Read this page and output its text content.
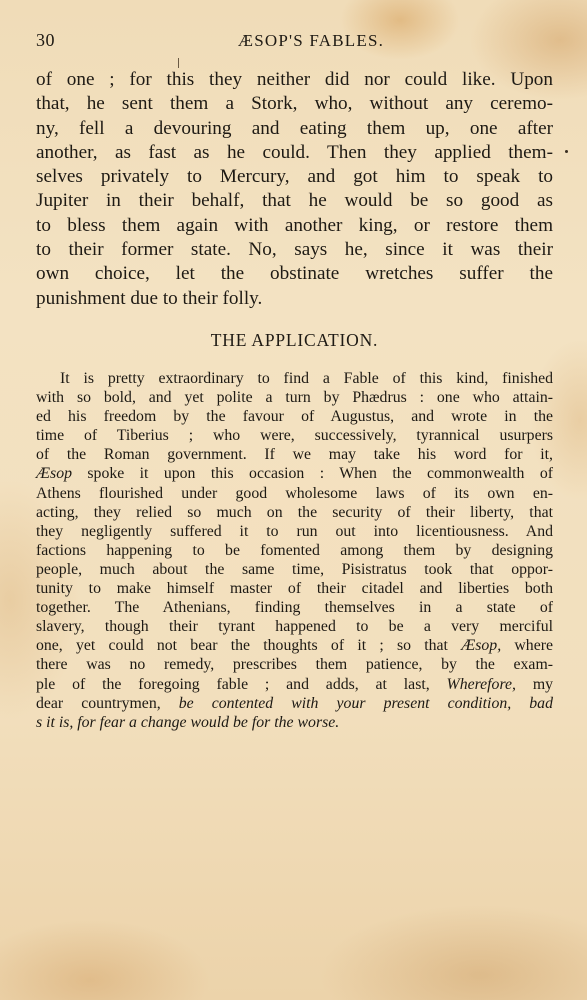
30	ÆSOP'S FABLES.
of one ; for this they neither did nor could like. Upon
that, he sent them a Stork, who, without any ceremo-
ny, fell a devouring and eating them up, one after
another, as fast as he could. Then they applied them-
selves privately to Mercury, and got him to speak to
Jupiter in their behalf, that he would be so good as
to bless them again with another king, or restore them
to their former state. No, says he, since it was their
own choice, let the obstinate wretches suffer the
punishment due to their folly.
THE APPLICATION.
It is pretty extraordinary to find a Fable of this kind, finished
with so bold, and yet polite a turn by Phædrus : one who attain-
ed his freedom by the favour of Augustus, and wrote in the
time of Tiberius ; who were, successively, tyrannical usurpers
of the Roman government. If we may take his word for it,
Æsop spoke it upon this occasion : When the commonwealth of
Athens flourished under good wholesome laws of its own en-
acting, they relied so much on the security of their liberty, that
they negligently suffered it to run out into licentiousness. And
factions happening to be fomented among them by designing
people, much about the same time, Pisistratus took that oppor-
tunity to make himself master of their citadel and liberties both
together. The Athenians, finding themselves in a state of
slavery, though their tyrant happened to be a very merciful
one, yet could not bear the thoughts of it ; so that Æsop, where
there was no remedy, prescribes them patience, by the exam-
ple of the foregoing fable ; and adds, at last, Wherefore, my
dear countrymen, be contented with your present condition, bad
s it is, for fear a change would be for the worse.
